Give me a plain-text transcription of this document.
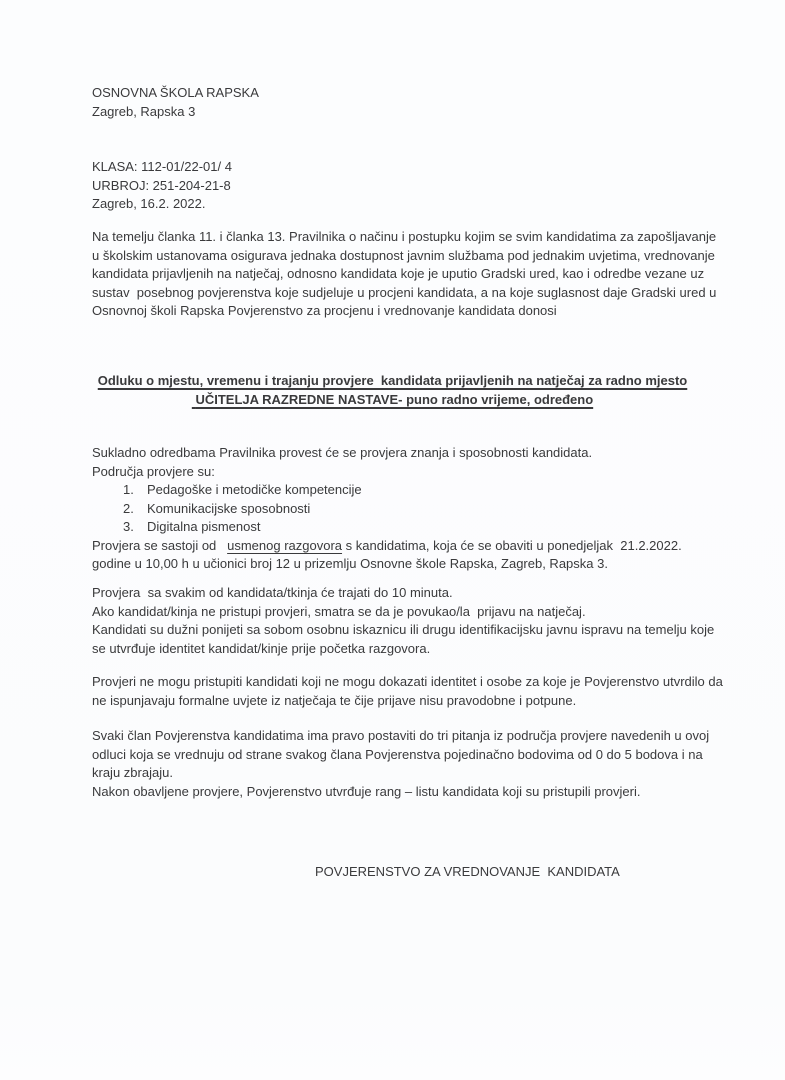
OSNOVNA ŠKOLA RAPSKA
Zagreb, Rapska 3
KLASA: 112-01/22-01/ 4
URBROJ: 251-204-21-8
Zagreb, 16.2. 2022.
Na temelju članka 11. i članka 13. Pravilnika o načinu i postupku kojim se svim kandidatima za zapošljavanje u školskim ustanovama osigurava jednaka dostupnost javnim službama pod jednakim uvjetima, vrednovanje kandidata prijavljenih na natječaj, odnosno kandidata koje je uputio Gradski ured, kao i odredbe vezane uz sustav  posebnog povjerenstva koje sudjeluje u procjeni kandidata, a na koje suglasnost daje Gradski ured u Osnovnoj školi Rapska Povjerenstvo za procjenu i vrednovanje kandidata donosi
Odluku o mjestu, vremenu i trajanju provjere  kandidata prijavljenih na natječaj za radno mjesto
UČITELJA RAZREDNE NASTAVE- puno radno vrijeme, određeno
Sukladno odredbama Pravilnika provest će se provjera znanja i sposobnosti kandidata.
Područja provjere su:
1. Pedagoške i metodičke kompetencije
2. Komunikacijske sposobnosti
3. Digitalna pismenost
Provjera se sastoji od   usmenog razgovora s kandidatima, koja će se obaviti u ponedjeljak  21.2.2022. godine u 10,00 h u učionici broj 12 u prizemlju Osnovne škole Rapska, Zagreb, Rapska 3.
Provjera  sa svakim od kandidata/tkinja će trajati do 10 minuta.
Ako kandidat/kinja ne pristupi provjeri, smatra se da je povukao/la  prijavu na natječaj.
Kandidati su dužni ponijeti sa sobom osobnu iskaznicu ili drugu identifikacijsku javnu ispravu na temelju koje se utvrđuje identitet kandidat/kinje prije početka razgovora.
Provjeri ne mogu pristupiti kandidati koji ne mogu dokazati identitet i osobe za koje je Povjerenstvo utvrdilo da ne ispunjavaju formalne uvjete iz natječaja te čije prijave nisu pravodobne i potpune.
Svaki član Povjerenstva kandidatima ima pravo postaviti do tri pitanja iz područja provjere navedenih u ovoj odluci koja se vrednuju od strane svakog člana Povjerenstva pojedinačno bodovima od 0 do 5 bodova i na kraju zbrajaju.
Nakon obavljene provjere, Povjerenstvo utvrđuje rang – listu kandidata koji su pristupili provjeri.
POVJERENSTVO ZA VREDNOVANJE  KANDIDATA
